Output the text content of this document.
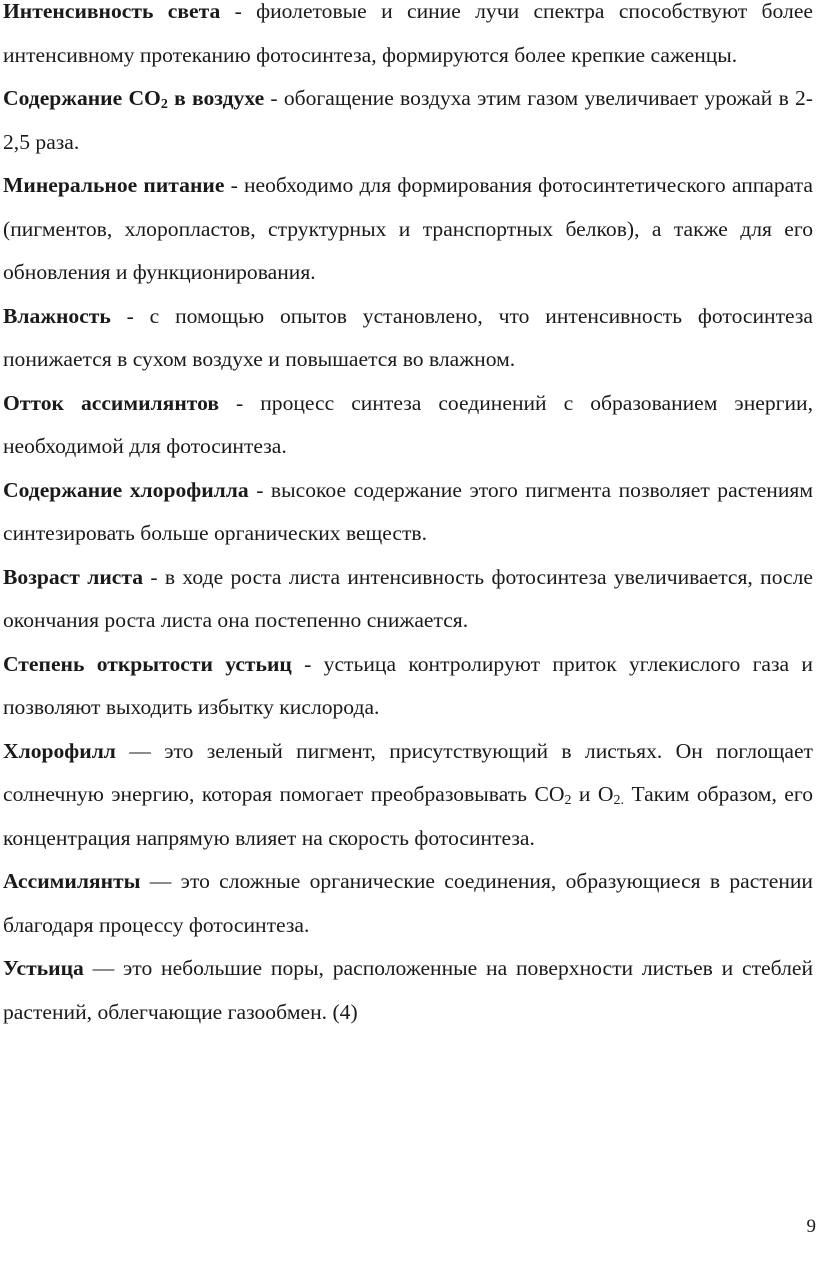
Интенсивность света - фиолетовые и синие лучи спектра способствуют более интенсивному протеканию фотосинтеза, формируются более крепкие саженцы.

Содержание $CO_2$ в воздухе - обогащение воздуха этим газом увеличивает урожай в 2-2,5 раза.

Минеральное питание - необходимо для формирования фотосинтетического аппарата (пигментов, хлоропластов, структурных и транспортных белков), а также для его обновления и функционирования.

Влажность - с помощью опытов установлено, что интенсивность фотосинтеза понижается в сухом воздухе и повышается во влажном.

Отток ассимилянтов - процесс синтеза соединений с образованием энергии, необходимой для фотосинтеза.

Содержание хлорофилла - высокое содержание этого пигмента позволяет растениям синтезировать больше органических веществ.

Возраст листа - в ходе роста листа интенсивность фотосинтеза увеличивается, после окончания роста листа она постепенно снижается.

Степень открытости устьиц - устьица контролируют приток углекислого газа и позволяют выходить избытку кислорода.

Хлорофилл — это зеленый пигмент, присутствующий в листьях. Он поглощает солнечную энергию, которая помогает преобразовывать $CO_2$ и $O_{2.}$ Таким образом, его концентрация напрямую влияет на скорость фотосинтеза.

Ассимилянты — это сложные органические соединения, образующиеся в растении благодаря процессу фотосинтеза.

Устьица — это небольшие поры, расположенные на поверхности листьев и стеблей растений, облегчающие газообмен. (4)

9
